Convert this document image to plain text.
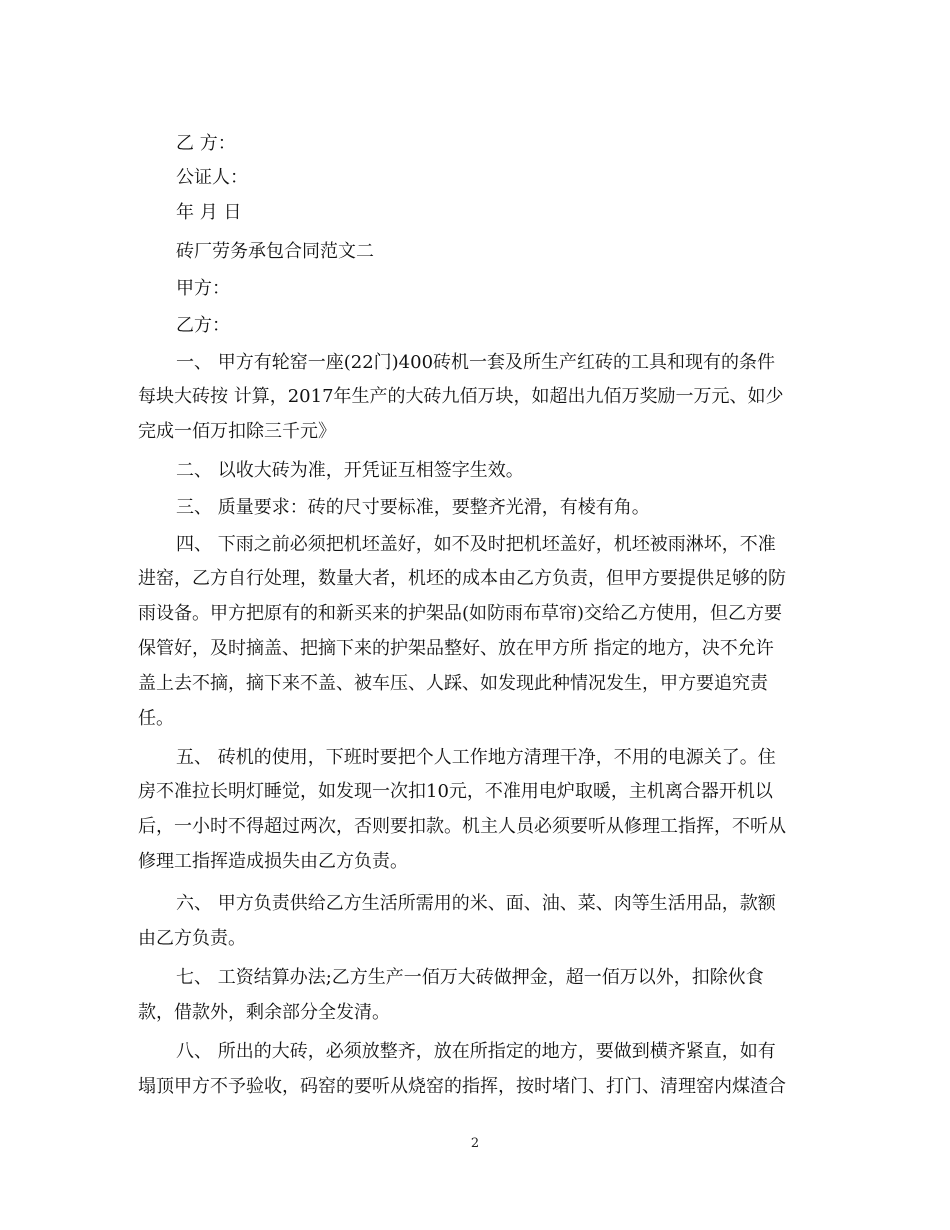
乙 方：
公证人：
年 月 日
砖厂劳务承包合同范文二
甲方：
乙方：
一、 甲方有轮窑一座(22门)400砖机一套及所生产红砖的工具和现有的条件
每块大砖按 计算，2017年生产的大砖九佰万块，如超出九佰万奖励一万元、如少
完成一佰万扣除三千元》
二、 以收大砖为准，开凭证互相签字生效。
三、 质量要求：砖的尺寸要标准，要整齐光滑，有棱有角。
四、 下雨之前必须把机坯盖好，如不及时把机坯盖好，机坯被雨淋坏，不准
进窑，乙方自行处理，数量大者，机坯的成本由乙方负责，但甲方要提供足够的防
雨设备。甲方把原有的和新买来的护架品(如防雨布草帘)交给乙方使用，但乙方要
保管好，及时摘盖、把摘下来的护架品整好、放在甲方所 指定的地方，决不允许
盖上去不摘，摘下来不盖、被车压、人踩、如发现此种情况发生，甲方要追究责
任。
五、 砖机的使用，下班时要把个人工作地方清理干净，不用的电源关了。住
房不准拉长明灯睡觉，如发现一次扣10元，不准用电炉取暖，主机离合器开机以
后，一小时不得超过两次，否则要扣款。机主人员必须要听从修理工指挥，不听从
修理工指挥造成损失由乙方负责。
六、 甲方负责供给乙方生活所需用的米、面、油、菜、肉等生活用品，款额
由乙方负责。
七、 工资结算办法;乙方生产一佰万大砖做押金，超一佰万以外，扣除伙食
款，借款外，剩余部分全发清。
八、 所出的大砖，必须放整齐，放在所指定的地方，要做到横齐紧直，如有
塌顶甲方不予验收，码窑的要听从烧窑的指挥，按时堵门、打门、清理窑内煤渣合
2
